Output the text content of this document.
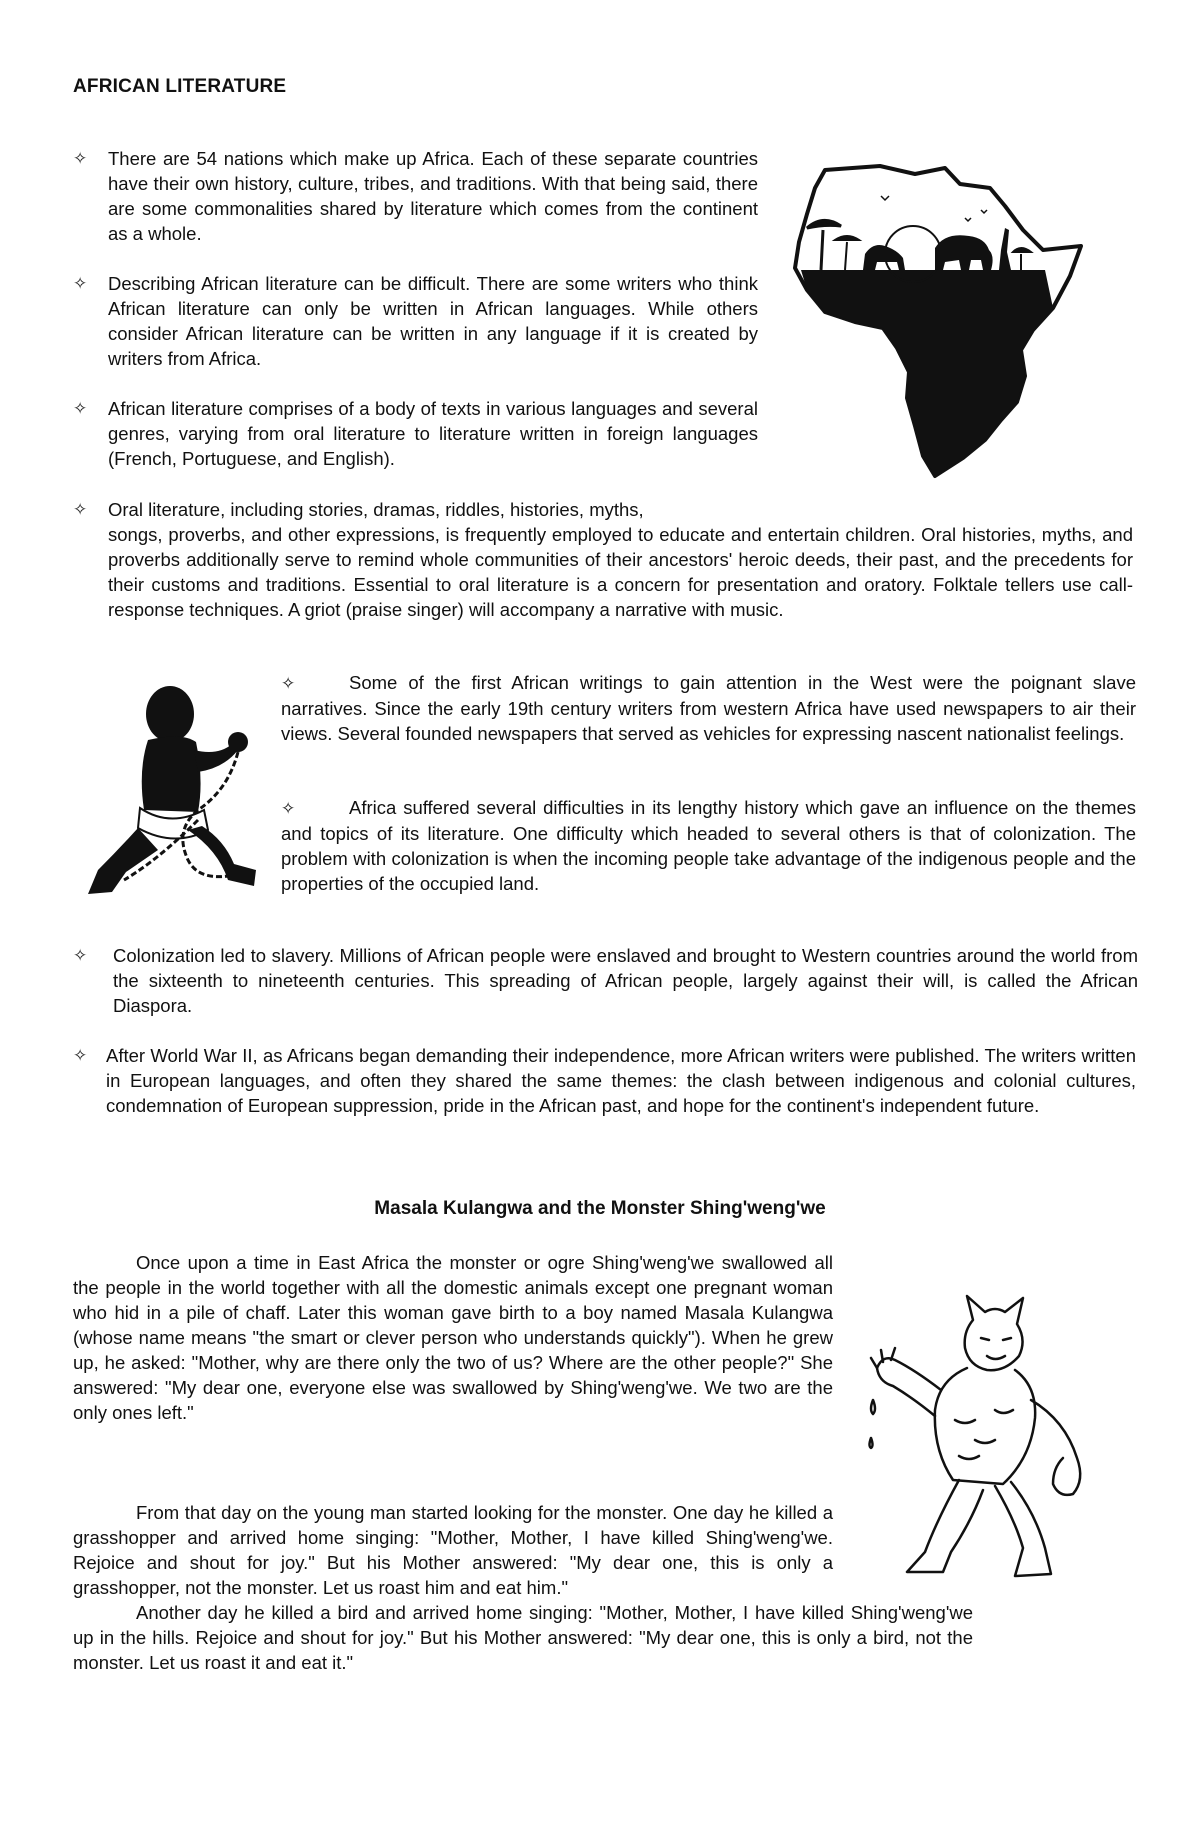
AFRICAN LITERATURE
✧	There are 54 nations which make up Africa. Each of these separate countries have their own history, culture, tribes, and traditions. With that being said, there are some commonalities shared by literature which comes from the continent as a whole.
✧	Describing African literature can be difficult. There are some writers who think African literature can only be written in African languages. While others consider African literature can be written in any language if it is created by writers from Africa.
✧	African literature comprises of a body of texts in various languages and several genres, varying from oral literature to literature written in foreign languages (French, Portuguese, and English).
✧	Oral literature, including stories, dramas, riddles, histories, myths,
songs, proverbs, and other expressions, is frequently employed to educate and entertain children. Oral histories, myths, and proverbs additionally serve to remind whole communities of their ancestors' heroic deeds, their past, and the precedents for their customs and traditions. Essential to oral literature is a concern for presentation and oratory. Folktale tellers use call-response techniques. A griot (praise singer) will accompany a narrative with music.
✧	Some of the first African writings to gain attention in the West were the poignant slave narratives. Since the early 19th century writers from western Africa have used newspapers to air their views. Several founded newspapers that served as vehicles for expressing nascent nationalist feelings.
✧	Africa suffered several difficulties in its lengthy history which gave an influence on the themes and topics of its literature. One difficulty which headed to several others is that of colonization. The problem with colonization is when the incoming people take advantage of the indigenous people and the properties of the occupied land.
✧	Colonization led to slavery. Millions of African people were enslaved and brought to Western countries around the world from the sixteenth to nineteenth centuries. This spreading of African people, largely against their will, is called the African Diaspora.
✧	After World War II, as Africans began demanding their independence, more African writers were published. The writers written in European languages, and often they shared the same themes: the clash between indigenous and colonial cultures, condemnation of European suppression, pride in the African past, and hope for the continent's independent future.
Masala Kulangwa and the Monster Shing'weng'we
Once upon a time in East Africa the monster or ogre Shing'weng'we swallowed all the people in the world together with all the domestic animals except one pregnant woman who hid in a pile of chaff. Later this woman gave birth to a boy named Masala Kulangwa (whose name means "the smart or clever person who understands quickly"). When he grew up, he asked: "Mother, why are there only the two of us? Where are the other people?" She answered: "My dear one, everyone else was swallowed by Shing'weng'we. We two are the only ones left."
From that day on the young man started looking for the monster. One day he killed a grasshopper and arrived home singing: "Mother, Mother, I have killed Shing'weng'we. Rejoice and shout for joy." But his Mother answered: "My dear one, this is only a grasshopper, not the monster. Let us roast him and eat him."
Another day he killed a bird and arrived home singing: "Mother, Mother, I have killed Shing'weng'we up in the hills. Rejoice and shout for joy." But his Mother answered: "My dear one, this is only a bird, not the monster. Let us roast it and eat it."
